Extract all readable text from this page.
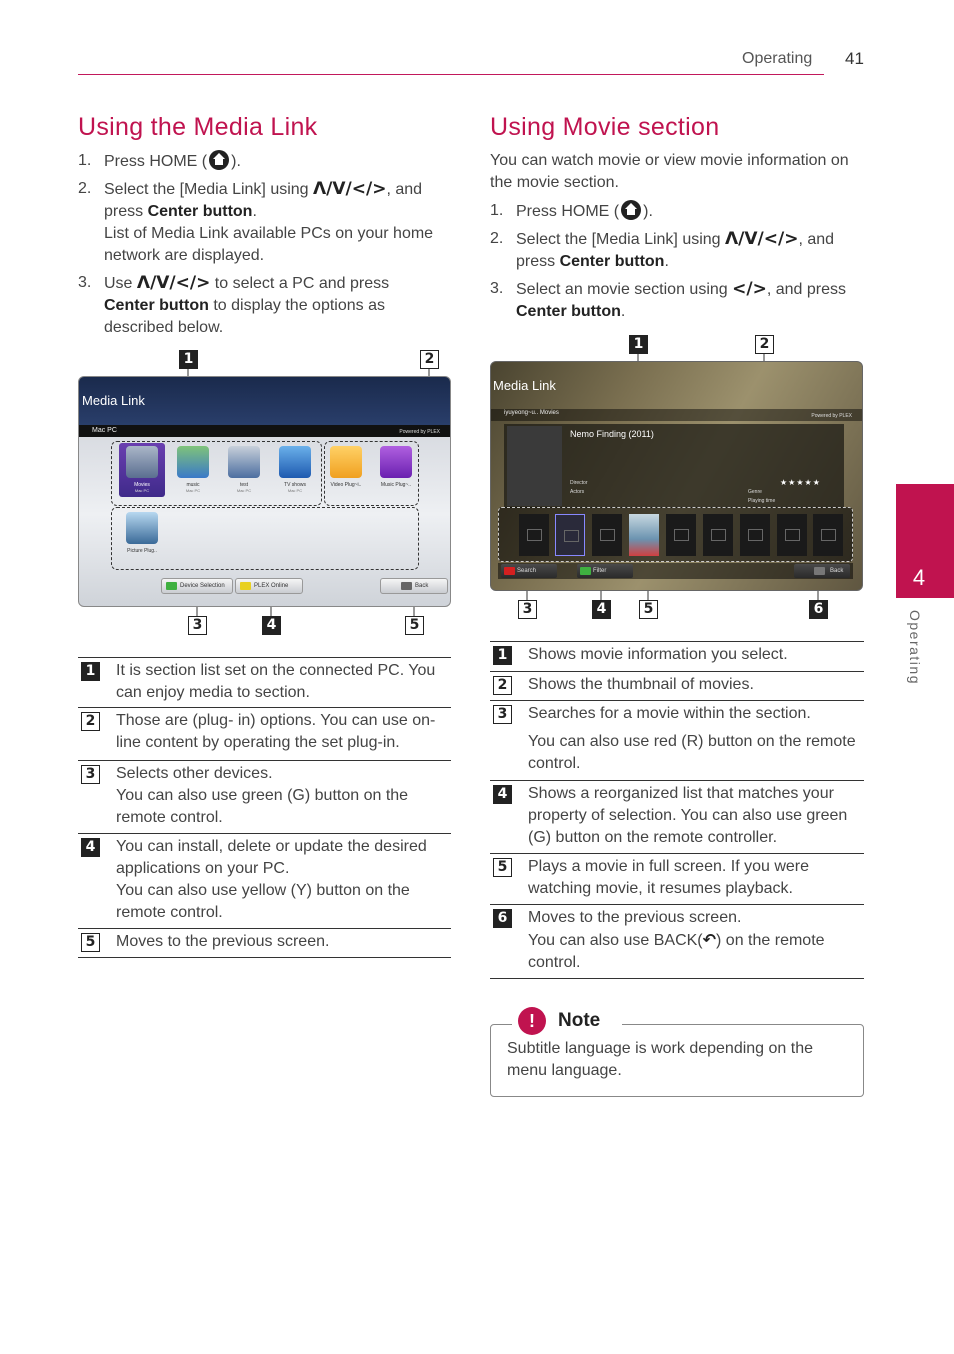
Operating 41
4
Operating
Using the Media Link
1. Press HOME ( ).
2. Select the [Media Link] using Λ/V/</>, and press Center button.
List of Media Link available PCs on your home network are displayed.
3. Use Λ/V/</> to select a PC and press Center button to display the options as described below.
1	2
3	4	5
Media Link
Mac PC	Powered by PLEX
Movies
Mac PC
music
Mac PC
test
Mac PC
TV shows
Mac PC
Video Plug~i..	Music Plug~..
Picture Plug..
Device Selection	PLEX Online	Back
1 It is section list set on the connected PC. You can enjoy media to section.
2 Those are (plug- in) options. You can use on-line content by operating the set plug-in.
3 Selects other devices.
You can also use green (G) button on the remote control.
4 You can install, delete or update the desired applications on your PC.
You can also use yellow (Y) button on the remote control.
5 Moves to the previous screen.
Using Movie section
You can watch movie or view movie information on the movie section.
1. Press HOME ( ).
2. Select the [Media Link] using Λ/V/</>, and press Center button.
3. Select an movie section using </>, and press Center button.
1	2
3	4	5	6
Media Link
iyuyeong~u.. Movies	Powered by PLEX
Nemo Finding (2011)
Director
Actors	Genre
Playing time
★★★★★
Search	Filter	Back
1 Shows movie information you select.
2 Shows the thumbnail of movies.
3 Searches for a movie within the section.

You can also use red (R) button on the remote control.
4 Shows a reorganized list that matches your property of selection. You can also use green (G) button on the remote controller.
5 Plays a movie in full screen. If you were watching movie, it resumes playback.
6 Moves to the previous screen.
You can also use BACK(↶) on the remote control.
!	Note
Subtitle language is work depending on the menu language.
